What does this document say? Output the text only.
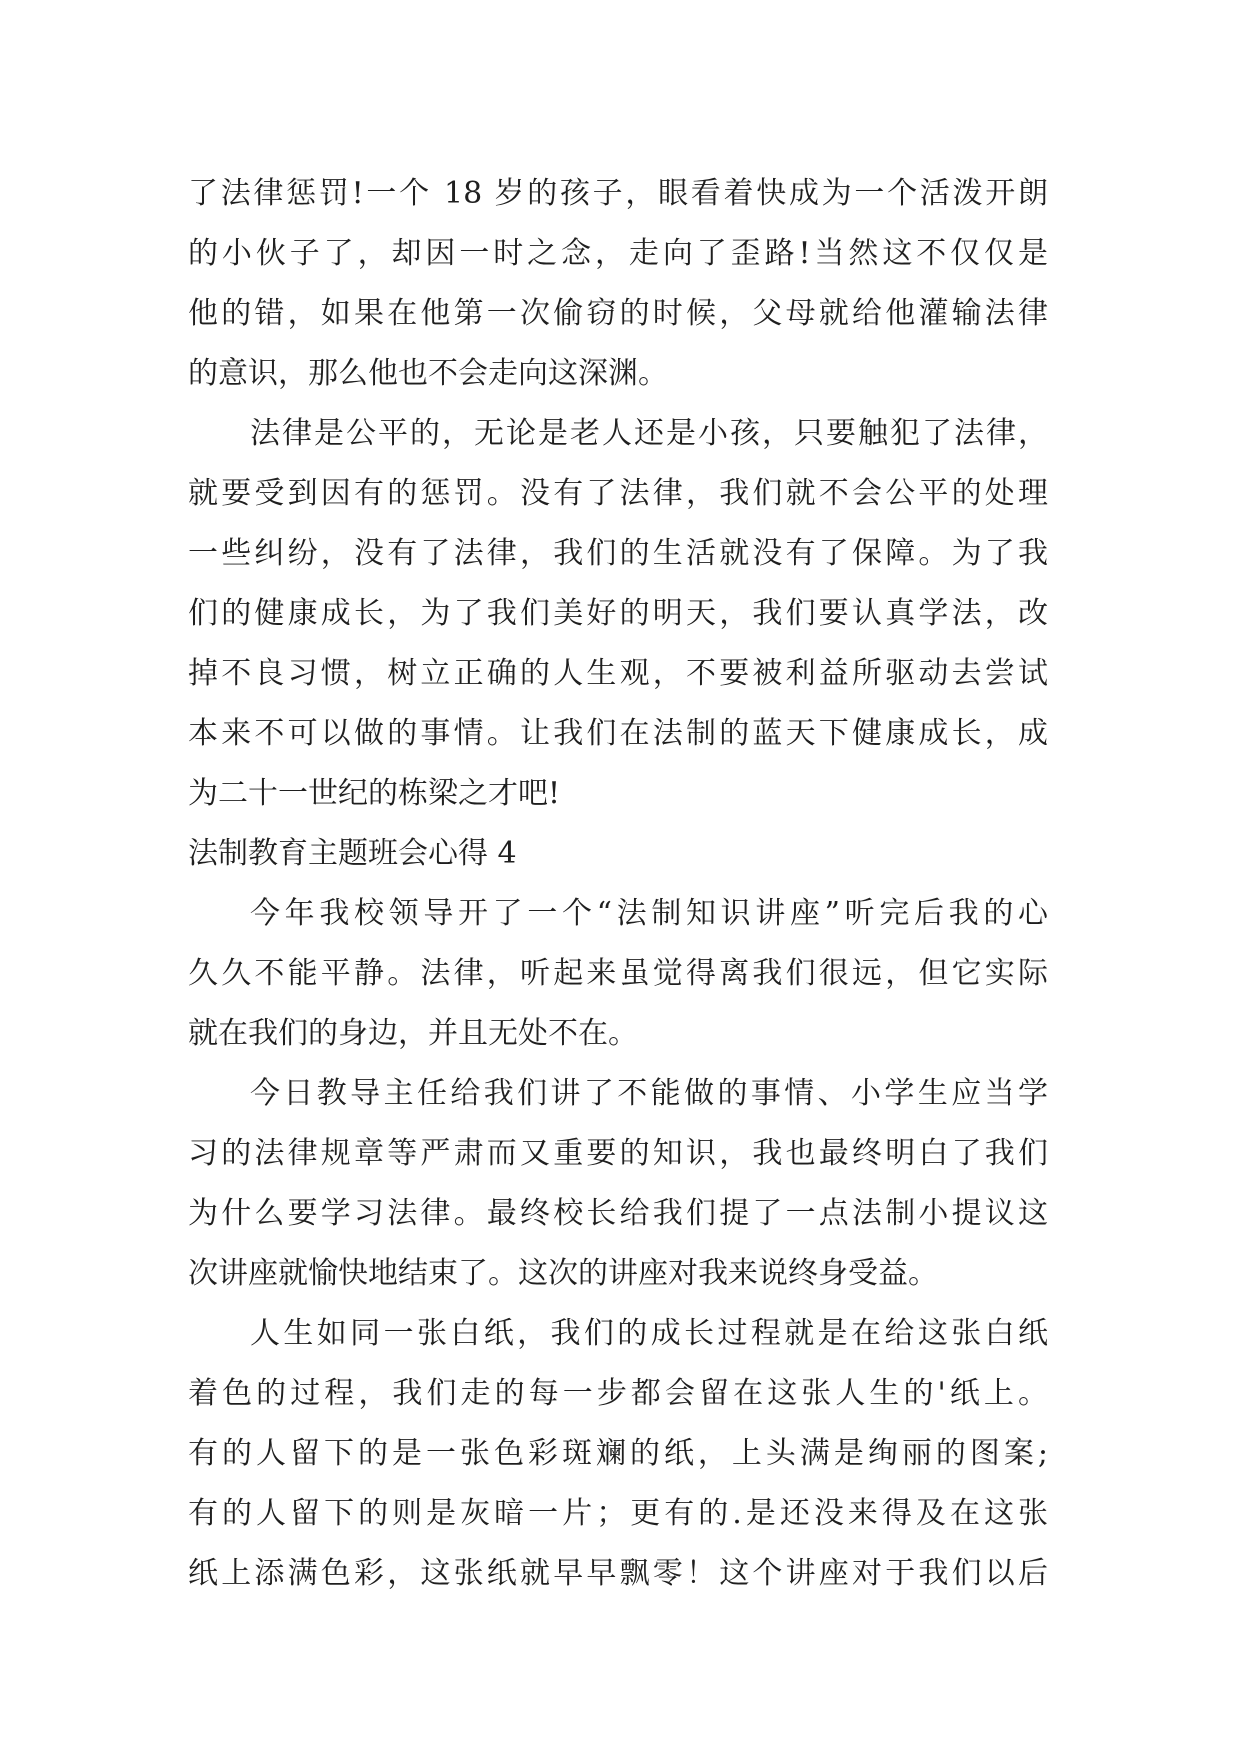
了法律惩罚!一个 18 岁的孩子，眼看着快成为一个活泼开朗
的小伙子了，却因一时之念，走向了歪路!当然这不仅仅是
他的错，如果在他第一次偷窃的时候，父母就给他灌输法律
的意识，那么他也不会走向这深渊。
法律是公平的，无论是老人还是小孩，只要触犯了法律，
就要受到因有的惩罚。没有了法律，我们就不会公平的处理
一些纠纷，没有了法律，我们的生活就没有了保障。为了我
们的健康成长，为了我们美好的明天，我们要认真学法，改
掉不良习惯，树立正确的人生观，不要被利益所驱动去尝试
本来不可以做的事情。让我们在法制的蓝天下健康成长，成
为二十一世纪的栋梁之才吧!
法制教育主题班会心得 4
今年我校领导开了一个“法制知识讲座”听完后我的心
久久不能平静。法律，听起来虽觉得离我们很远，但它实际
就在我们的身边，并且无处不在。
今日教导主任给我们讲了不能做的事情、小学生应当学
习的法律规章等严肃而又重要的知识，我也最终明白了我们
为什么要学习法律。最终校长给我们提了一点法制小提议这
次讲座就愉快地结束了。这次的讲座对我来说终身受益。
人生如同一张白纸，我们的成长过程就是在给这张白纸
着色的过程，我们走的每一步都会留在这张人生的'纸上。
有的人留下的是一张色彩斑斓的纸，上头满是绚丽的图案;
有的人留下的则是灰暗一片；更有的.是还没来得及在这张
纸上添满色彩，这张纸就早早飘零！这个讲座对于我们以后
